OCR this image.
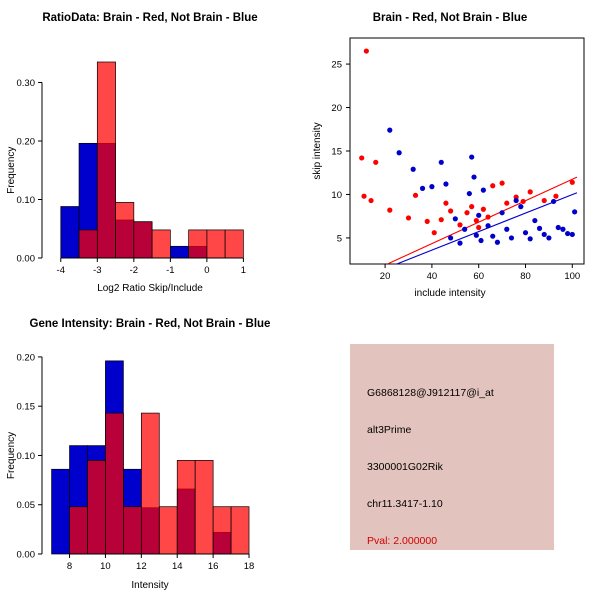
RatioData: Brain - Red, Not Brain - Blue
-4	-3	-2	-1	0	1
0.00
0.10
0.20
0.30
Frequency
Log2 Ratio Skip/Include
Brain - Red, Not Brain - Blue
20	40	60	80	100
5
10
15
20
25
skip intensity
include intensity
Gene Intensity: Brain - Red, Not Brain - Blue
8	10	12	14	16	18
0.00
0.05
0.10
0.15
0.20
Frequency
Intensity
G6868128@J912117@i_at
alt3Prime
3300001G02Rik
chr11.3417-1.10
Pval: 2.000000
